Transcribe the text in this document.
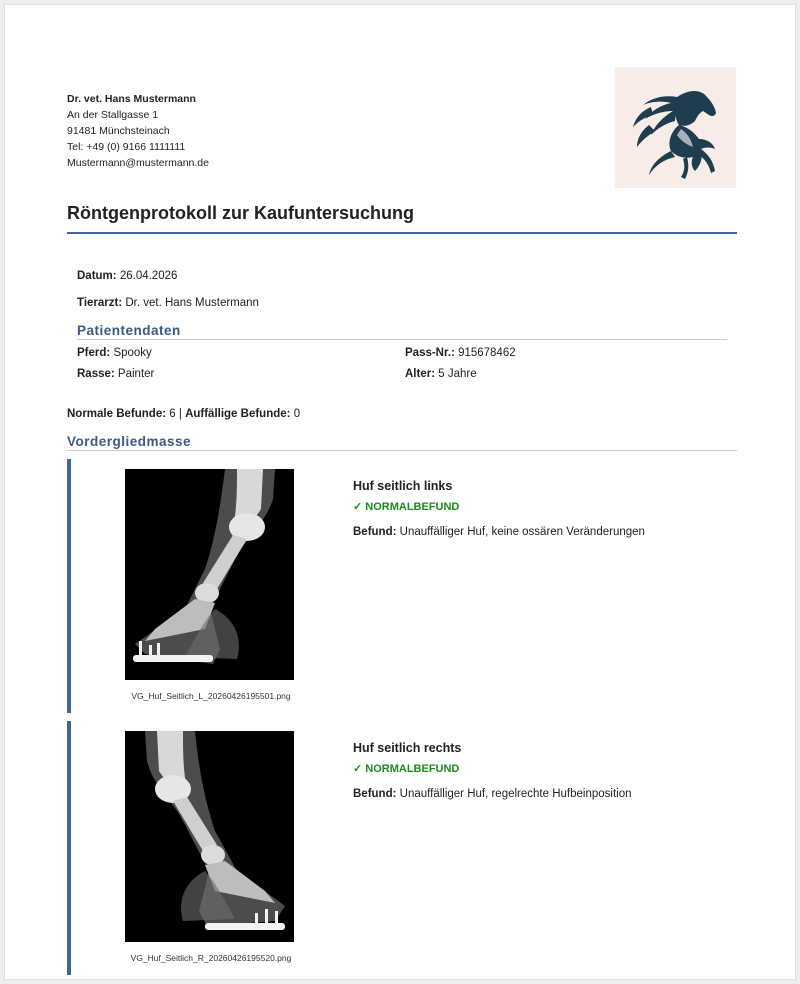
Dr. vet. Hans Mustermann
An der Stallgasse 1
91481 Münchsteinach
Tel: +49 (0) 9166 1111111
Mustermann@mustermann.de
Röntgenprotokoll zur Kaufuntersuchung
Datum: 26.04.2026
Tierarzt: Dr. vet. Hans Mustermann
Patientendaten
Pferd: Spooky	Pass-Nr.: 915678462
Rasse: Painter	Alter: 5 Jahre
Normale Befunde: 6 | Auffällige Befunde: 0
Vordergliedmasse
VG_Huf_Seitlich_L_20260426195501.png
Huf seitlich links
✓ NORMALBEFUND
Befund: Unauffälliger Huf, keine ossären Veränderungen
VG_Huf_Seitlich_R_20260426195520.png
Huf seitlich rechts
✓ NORMALBEFUND
Befund: Unauffälliger Huf, regelrechte Hufbeinposition
